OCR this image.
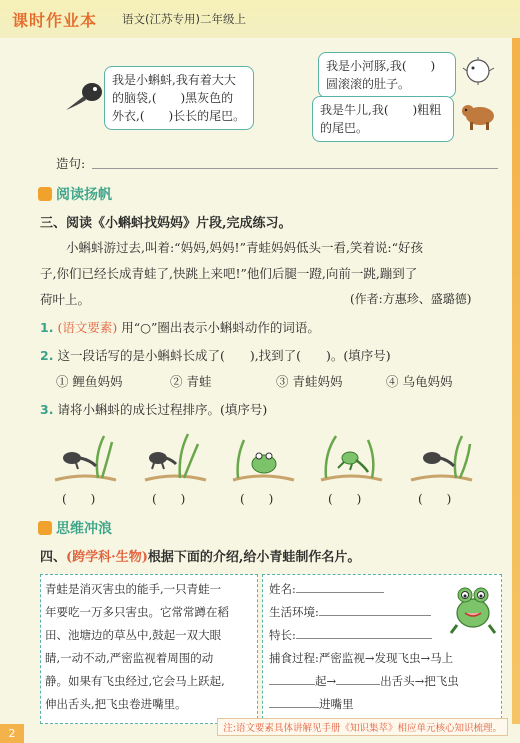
课时作业本 语文(江苏专用)二年级上
我是小蝌蚪,我有着大大
的脑袋,(　　)黑灰色的
外衣,(　　)长长的尾巴。
我是小河豚,我(　　)
圆滚滚的肚子。
我是牛儿,我(　　)粗粗
的尾巴。
造句:
阅读扬帆
三、阅读《小蝌蚪找妈妈》片段,完成练习。
小蝌蚪游过去,叫着:“妈妈,妈妈!”青蛙妈妈低头一看,笑着说:“好孩
子,你们已经长成青蛙了,快跳上来吧!”他们后腿一蹬,向前一跳,蹦到了
荷叶上。	(作者:方惠珍、盛璐德)
1. (语文要素) 用“○”圈出表示小蝌蚪动作的词语。
2. 这一段话写的是小蝌蚪长成了(　　),找到了(　　)。(填序号)
① 鲤鱼妈妈	② 青蛙	③ 青蛙妈妈	④ 乌龟妈妈
3. 请将小蝌蚪的成长过程排序。(填序号)
(　　)	(　　)	(　　)	(　　)	(　　)
思维冲浪
四、(跨学科·生物)根据下面的介绍,给小青蛙制作名片。
青蛙是消灭害虫的能手,一只青蛙一
年要吃一万多只害虫。它常常蹲在稻
田、池塘边的草丛中,鼓起一双大眼
睛,一动不动,严密监视着周围的动
静。如果有飞虫经过,它会马上跃起,
伸出舌头,把飞虫卷进嘴里。
姓名:
生活环境:
特长:
捕食过程:严密监视→发现飞虫→马上
起→	出舌头→把飞虫
进嘴里
注:语文要素具体讲解见手册《知识集萃》相应单元核心知识梳理。
2
